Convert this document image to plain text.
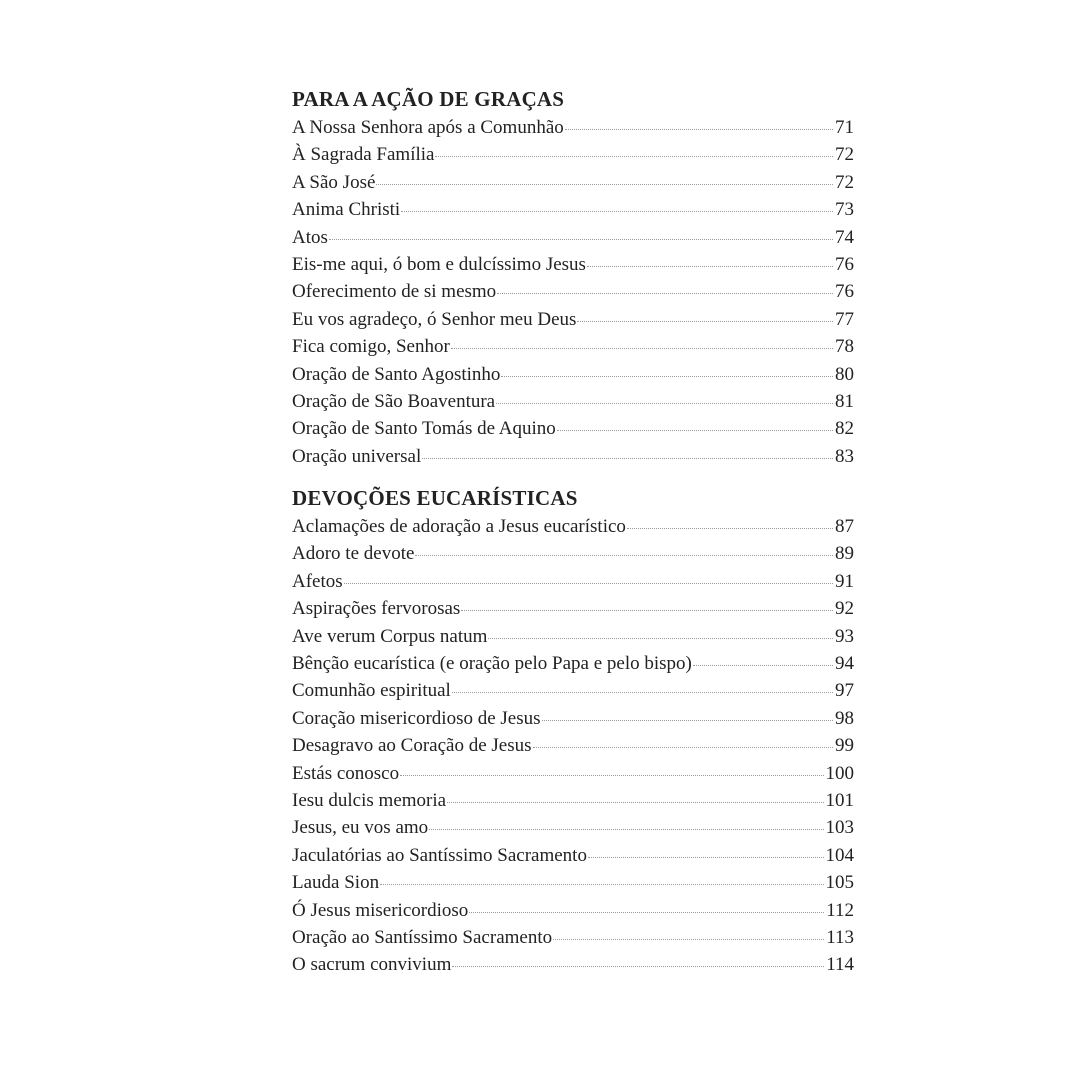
PARA A AÇÃO DE GRAÇAS
A Nossa Senhora após a Comunhão	71
À Sagrada Família	72
A São José	72
Anima Christi	73
Atos	74
Eis-me aqui, ó bom e dulcíssimo Jesus	76
Oferecimento de si mesmo	76
Eu vos agradeço, ó Senhor meu Deus	77
Fica comigo, Senhor	78
Oração de Santo Agostinho	80
Oração de São Boaventura	81
Oração de Santo Tomás de Aquino	82
Oração universal	83
DEVOÇÕES EUCARÍSTICAS
Aclamações de adoração a Jesus eucarístico	87
Adoro te devote	89
Afetos	91
Aspirações fervorosas	92
Ave verum Corpus natum	93
Bênção eucarística (e oração pelo Papa e pelo bispo)	94
Comunhão espiritual	97
Coração misericordioso de Jesus	98
Desagravo ao Coração de Jesus	99
Estás conosco	100
Iesu dulcis memoria	101
Jesus, eu vos amo	103
Jaculatórias ao Santíssimo Sacramento	104
Lauda Sion	105
Ó Jesus misericordioso	112
Oração ao Santíssimo Sacramento	113
O sacrum convivium	114
